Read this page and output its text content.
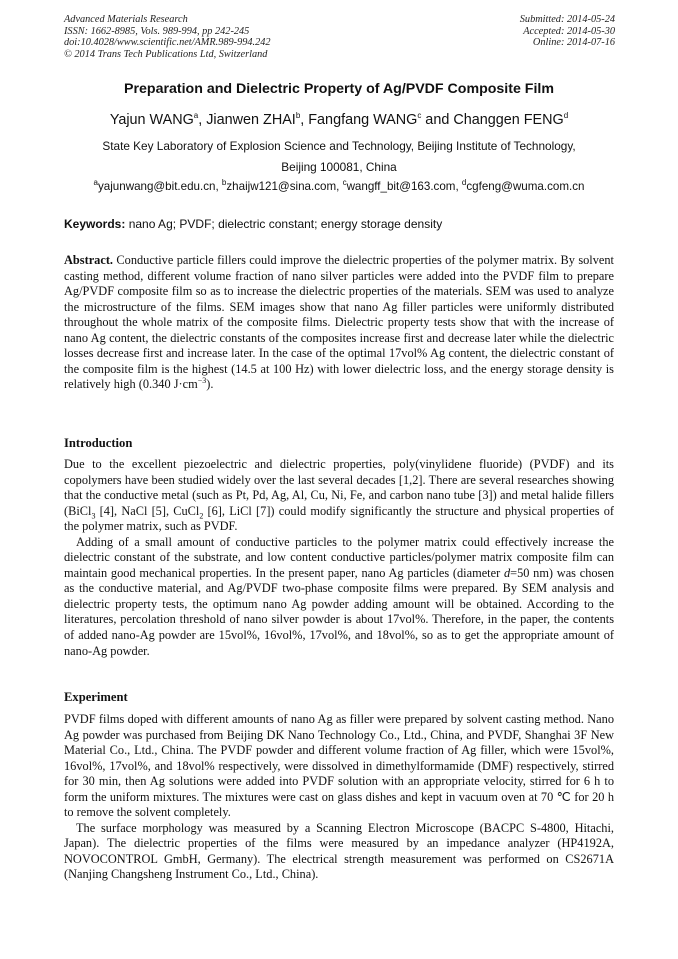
Advanced Materials Research
ISSN: 1662-8985, Vols. 989-994, pp 242-245
doi:10.4028/www.scientific.net/AMR.989-994.242
© 2014 Trans Tech Publications Ltd, Switzerland
Submitted: 2014-05-24
Accepted: 2014-05-30
Online: 2014-07-16
Preparation and Dielectric Property of Ag/PVDF Composite Film
Yajun WANG$^a$, Jianwen ZHAI$^b$, Fangfang WANG$^c$ and Changgen FENG$^d$
State Key Laboratory of Explosion Science and Technology, Beijing Institute of Technology,
Beijing 100081, China
$^a$yajunwang@bit.edu.cn, $^b$zhaijw121@sina.com, $^c$wangff_bit@163.com, $^d$cgfeng@wuma.com.cn
Keywords: nano Ag; PVDF; dielectric constant; energy storage density

Abstract. Conductive particle fillers could improve the dielectric properties of the polymer matrix. By solvent casting method, different volume fraction of nano silver particles were added into the PVDF film to prepare Ag/PVDF composite film so as to increase the dielectric properties of the materials. SEM was used to analyze the microstructure of the films. SEM images show that nano Ag filler particles were uniformly distributed throughout the whole matrix of the composite films. Dielectric property tests show that with the increase of nano Ag content, the dielectric constants of the composites increase first and decrease later while the dielectric losses decrease first and increase later. In the case of the optimal 17vol% Ag content, the dielectric constant of the composite film is the highest (14.5 at 100 Hz) with lower dielectric loss, and the energy storage density is relatively high (0.340 $J\cdot cm^{-3}$).

Introduction

Due to the excellent piezoelectric and dielectric properties, poly(vinylidene fluoride) (PVDF) and its copolymers have been studied widely over the last several decades [1,2]. There are several researches showing that the conductive metal (such as Pt, Pd, Ag, Al, Cu, Ni, Fe, and carbon nano tube [3]) and metal halide fillers (BiCl$_3$ [4], NaCl [5], CuCl$_2$ [6], LiCl [7]) could modify significantly the structure and physical properties of the polymer matrix, such as PVDF.

Adding of a small amount of conductive particles to the polymer matrix could effectively increase the dielectric constant of the substrate, and low content conductive particles/polymer matrix composite film can maintain good mechanical properties. In the present paper, nano Ag particles (diameter d=50 nm) was chosen as the conductive material, and Ag/PVDF two-phase composite films were prepared. By SEM analysis and dielectric property tests, the optimum nano Ag powder adding amount will be obtained. According to the literatures, percolation threshold of nano silver powder is about 17vol%. Therefore, in the paper, the contents of added nano-Ag powder are 15vol%, 16vol%, 17vol%, and 18vol%, so as to get the appropriate amount of nano-Ag powder.

Experiment

PVDF films doped with different amounts of nano Ag as filler were prepared by solvent casting method. Nano Ag powder was purchased from Beijing DK Nano Technology Co., Ltd., China, and PVDF, Shanghai 3F New Material Co., Ltd., China. The PVDF powder and different volume fraction of Ag filler, which were 15vol%, 16vol%, 17vol%, and 18vol% respectively, were dissolved in dimethylformamide (DMF) respectively, stirred for 30 min, then Ag solutions were added into PVDF solution with an appropriate velocity, stirred for 6 h to form the uniform mixtures. The mixtures were cast on glass dishes and kept in vacuum oven at 70 ℃ for 20 h to remove the solvent completely.

The surface morphology was measured by a Scanning Electron Microscope (BACPC S-4800, Hitachi, Japan). The dielectric properties of the films were measured by an impedance analyzer (HP4192A, NOVOCONTROL GmbH, Germany). The electrical strength measurement was performed on CS2671A (Nanjing Changsheng Instrument Co., Ltd., China).
